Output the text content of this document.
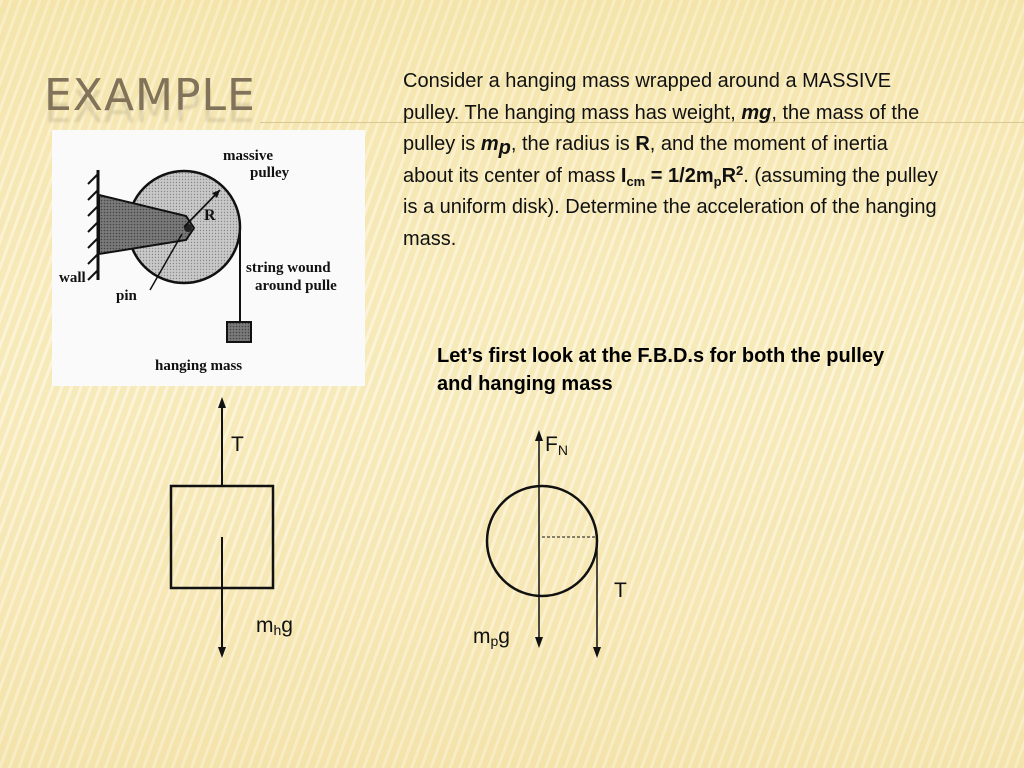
EXAMPLE	Consider a hanging mass wrapped around a MASSIVE pulley. The hanging mass has weight, mg, the mass of the pulley is $m_p$, the radius is R, and the moment of inertia about its center of mass $I_{cm} = 1/2m_pR^2$. (assuming the pulley is a uniform disk). Determine the acceleration of the hanging mass.
Let’s first look at the F.B.D.s for both the pulley and hanging mass
massive
pulley
R
wall
pin
string wound
around pulle
hanging mass
T
mhg
FN
T
mpg
